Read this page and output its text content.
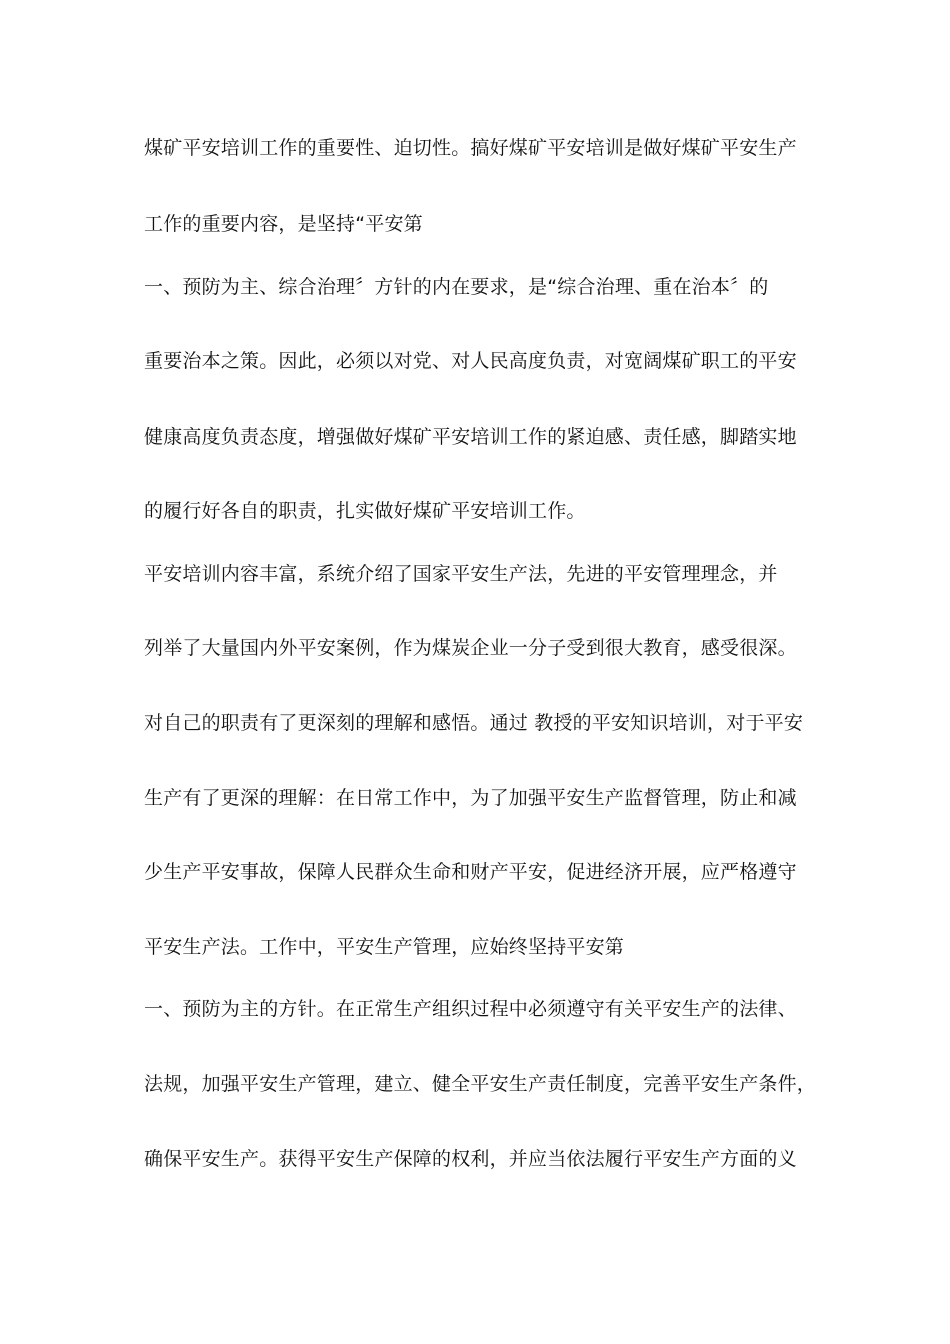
煤矿平安培训工作的重要性、迫切性。搞好煤矿平安培训是做好煤矿平安生产

工作的重要内容，是坚持“平安第

一、预防为主、综合治理〞方针的内在要求，是“综合治理、重在治本〞的

重要治本之策。因此，必须以对党、对人民高度负责，对宽阔煤矿职工的平安

健康高度负责态度，增强做好煤矿平安培训工作的紧迫感、责任感，脚踏实地

的履行好各自的职责，扎实做好煤矿平安培训工作。

平安培训内容丰富，系统介绍了国家平安生产法，先进的平安管理理念，并

列举了大量国内外平安案例，作为煤炭企业一分子受到很大教育，感受很深。

对自己的职责有了更深刻的理解和感悟。通过 教授的平安知识培训，对于平安

生产有了更深的理解：在日常工作中，为了加强平安生产监督管理，防止和减

少生产平安事故，保障人民群众生命和财产平安，促进经济开展，应严格遵守

平安生产法。工作中，平安生产管理，应始终坚持平安第

一、预防为主的方针。在正常生产组织过程中必须遵守有关平安生产的法律、

法规，加强平安生产管理，建立、健全平安生产责任制度，完善平安生产条件，

确保平安生产。获得平安生产保障的权利，并应当依法履行平安生产方面的义
